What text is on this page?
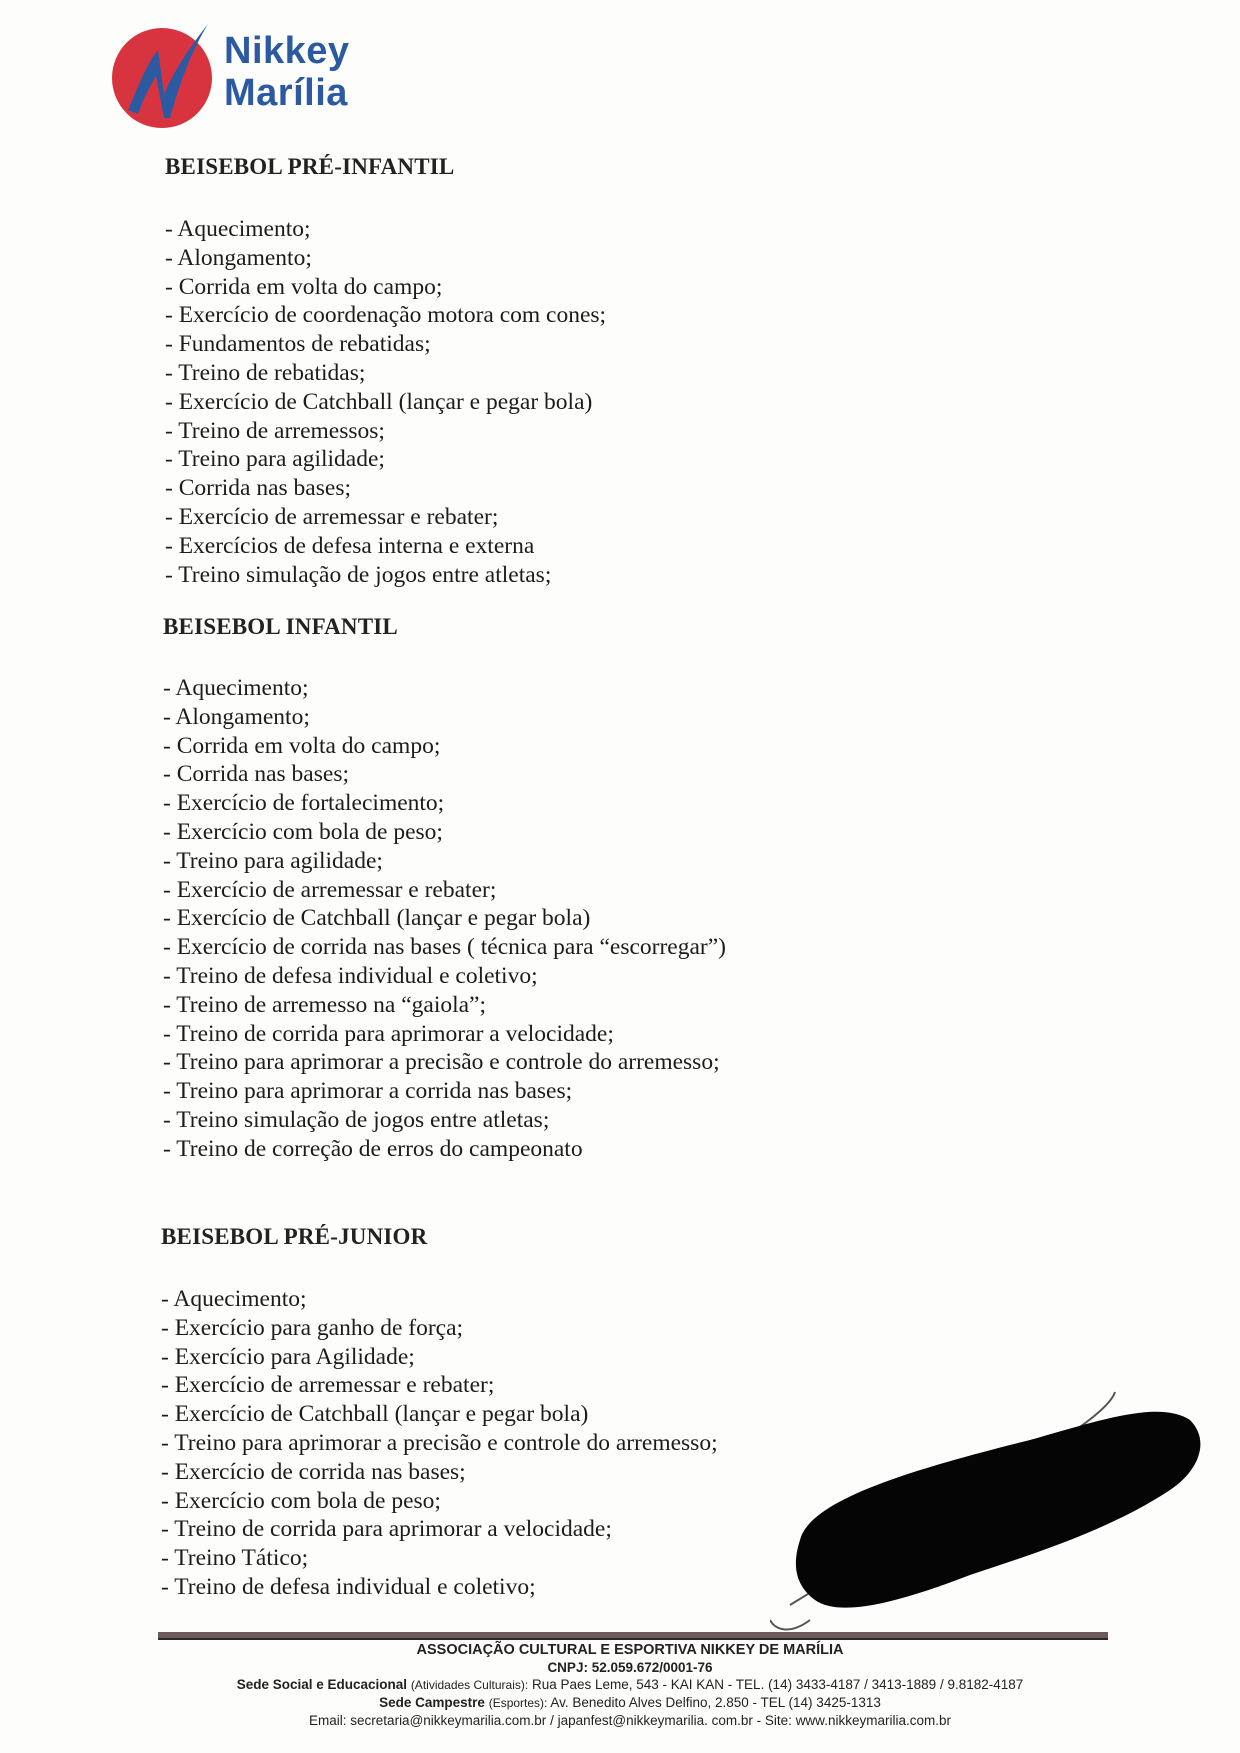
Nikkey
Marília
BEISEBOL PRÉ-INFANTIL
- Aquecimento;
- Alongamento;
- Corrida em volta do campo;
- Exercício de coordenação motora com cones;
- Fundamentos de rebatidas;
- Treino de rebatidas;
- Exercício de Catchball (lançar e pegar bola)
- Treino de arremessos;
- Treino para agilidade;
- Corrida nas bases;
- Exercício de arremessar e rebater;
- Exercícios de defesa interna e externa
- Treino simulação de jogos entre atletas;
BEISEBOL INFANTIL
- Aquecimento;
- Alongamento;
- Corrida em volta do campo;
- Corrida nas bases;
- Exercício de fortalecimento;
- Exercício com bola de peso;
- Treino para agilidade;
- Exercício de arremessar e rebater;
- Exercício de Catchball (lançar e pegar bola)
- Exercício de corrida nas bases ( técnica para “escorregar”)
- Treino de defesa individual e coletivo;
- Treino de arremesso na “gaiola”;
- Treino de corrida para aprimorar a velocidade;
- Treino para aprimorar a precisão e controle do arremesso;
- Treino para aprimorar a corrida nas bases;
- Treino simulação de jogos entre atletas;
- Treino de correção de erros do campeonato
BEISEBOL PRÉ-JUNIOR
- Aquecimento;
- Exercício para ganho de força;
- Exercício para Agilidade;
- Exercício de arremessar e rebater;
- Exercício de Catchball (lançar e pegar bola)
- Treino para aprimorar a precisão e controle do arremesso;
- Exercício de corrida nas bases;
- Exercício com bola de peso;
- Treino de corrida para aprimorar a velocidade;
- Treino Tático;
- Treino de defesa individual e coletivo;
ASSOCIAÇÃO CULTURAL E ESPORTIVA NIKKEY DE MARÍLIA
CNPJ: 52.059.672/0001-76
Sede Social e Educacional (Atividades Culturais): Rua Paes Leme, 543 - KAI KAN - TEL. (14) 3433-4187 / 3413-1889 / 9.8182-4187
Sede Campestre (Esportes): Av. Benedito Alves Delfino, 2.850 - TEL (14) 3425-1313
Email: secretaria@nikkeymarilia.com.br / japanfest@nikkeymarilia. com.br - Site: www.nikkeymarilia.com.br
